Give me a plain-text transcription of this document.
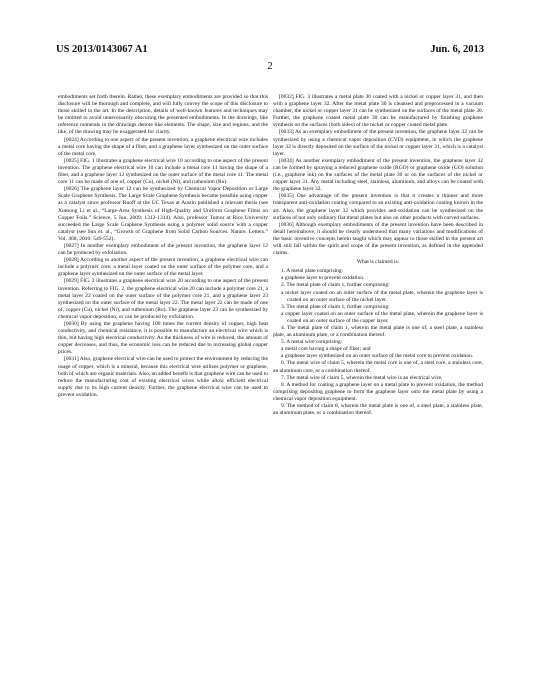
US 2013/0143067 A1	Jun. 6, 2013
2

embodiments set forth therein. Rather, these exemplary embodiments are provided so that this disclosure will be thorough and complete, and will fully convey the scope of this disclosure to those skilled in the art. In the description, details of well-known features and techniques may be omitted to avoid unnecessarily obscuring the presented embodiments. In the drawings, like reference numerals in the drawings denote like elements. The shape, size and regions, and the like, of the drawing may be exaggerated for clarity.

[0024] According to one aspect of the present invention, a graphene electrical wire includes a metal core having the shape of a fiber, and a graphene layer synthesized on the outer surface of the metal core.

[0025] FIG. 1 illustrates a graphene electrical wire 10 according to one aspect of the present invention. The graphene electrical wire 10 can include a metal core 11 having the shape of a fiber, and a graphene layer 12 synthesized on the outer surface of the metal core 11. The metal core 11 can be made of one of, copper (Cu), nickel (Ni), and ruthenium (Ru).

[0026] The graphene layer 12 can be synthesized by Chemical Vapor Deposition or Large Scale Graphene Synthesis. The Large Scale Graphene Synthesis became possible using copper as a catalyst since professor Ruoff at the UC Texas at Austin published a relevant thesis (see Xuesong Li et al., “Large-Area Synthesis of High-Quality and Uniform Graphene Films on Copper Foils.” Science, 5 Jun. 2009: 1312-1314). Also, professor Tumor at Rice University succeeded the Large Scale Graphene Synthesis using a polymer solid source with a copper catalyst (see Sun et. al., “Growth of Graphene from Solid Carbon Sources. Nature. Letters.” Vol. 468, 2010: 549-552).

[0027] In another exemplary embodiment of the present invention, the graphene layer 12 can be produced by exfoliation.

[0028] According to another aspect of the present invention, a graphene electrical wire can include a polymer core, a metal layer coated on the outer surface of the polymer core, and a graphene layer synthesized on the outer surface of the metal layer.

[0029] FIG. 2 illustrates a graphene electrical wire 20 according to one aspect of the present invention. Referring to FIG. 2, the graphene electrical wire 20 can include a polymer core 21, a metal layer 22 coated on the outer surface of the polymer core 21, and a graphene layer 23 synthesized on the outer surface of the metal layer 22. The metal layer 22 can be made of one of, copper (Cu), nickel (Ni), and ruthenium (Ru). The graphene layer 23 can be synthesized by chemical vapor deposition, or can be produced by exfoliation.

[0030] By using the graphene having 100 times the current density of copper, high heat conductivity, and chemical resistance, it is possible to manufacture an electrical wire which is thin, but having high electrical conductivity. As the thickness of wire is reduced, the amount of copper decreases, and thus, the economic loss can be reduced due to increasing global copper prices.

[0031] Also, graphene electrical wire can be used to protect the environment by reducing the usage of copper, which is a mineral, because this electrical wire utilizes polymer or graphene, both of which are organic materials. Also, an added benefit is that graphene wire can be used to reduce the manufacturing cost of existing electrical wires while allow efficient electrical supply due to its high current density. Further, the graphene electrical wire can be used to prevent oxidation.

[0032] FIG. 3 illustrates a metal plate 30 coated with a nickel or copper layer 31, and then with a graphene layer 32. After the metal plate 30 is cleansed and preprocessed in a vacuum chamber, the nickel or copper layer 31 can be synthesized on the surfaces of the metal plate 30. Further, the graphene coated metal plate 30 can be manufactured by finishing graphene synthesis on the surfaces (both sides) of the nickel or copper coated metal plate.

[0033] As an exemplary embodiment of the present invention, the graphene layer 32 can be synthesized by using a chemical vapor deposition (CVD) equipment, in which the graphene layer 32 is directly deposited on the surface of the nickel or copper layer 31, which is a catalyst layer.

[0034] As another exemplary embodiment of the present invention, the graphene layer 32 can be formed by spraying a reduced graphene oxide (RGO) or graphene oxide (GO) solution (i.e., graphene ink) on the surfaces of the metal plate 30 or on the surfaces of the nickel or copper layer 31. Any metal including steel, stainless, aluminum, and alloys can be coated with the graphene layer 32.

[0035] One advantage of the present invention is that it creates a thinner and more transparent anti-oxidation coating compared to an existing anti-oxidation coating known in the art. Also, the graphene layer 32 which provides anti-oxidation can be synthesized on the surfaces of not only ordinary flat metal plates but also on other products with curved surfaces.

[0036] Although exemplary embodiments of the present invention have been described in detail hereinabove, it should be clearly understood that many variations and modifications of the basic inventive concepts herein taught which may appear to those skilled in the present art will still fall within the spirit and scope of the present invention, as defined in the appended claims.

What is claimed is:

1. A metal plate comprising:

a graphene layer to prevent oxidation.

2. The metal plate of claim 1, further comprising:

a nickel layer coated on an outer surface of the metal plate, wherein the graphene layer is coated on an outer surface of the nickel layer.

3. The metal plate of claim 1, further comprising:

a copper layer coated on an outer surface of the metal plate, wherein the graphene layer is coated on an outer surface of the copper layer.

4. The metal plate of claim 1, wherein the metal plate is one of, a steel plate, a stainless plate, an aluminum plate, or a combination thereof.

5. A metal wire comprising:

a metal core having a shape of fiber; and

a graphene layer synthesized on an outer surface of the metal core to prevent oxidation.

6. The metal wire of claim 5, wherein the metal core is one of, a steel core, a stainless core, an aluminum core, or a combination thereof.

7. The metal wire of claim 5, wherein the metal wire is an electrical wire.

8. A method for coating a graphene layer on a metal plate to prevent oxidation, the method comprising depositing graphene to form the graphene layer onto the metal plate by using a chemical vapor deposition equipment.

9. The method of claim 8, wherein the metal plate is one of, a steel plate, a stainless plate, an aluminum plate, or a combination thereof.
